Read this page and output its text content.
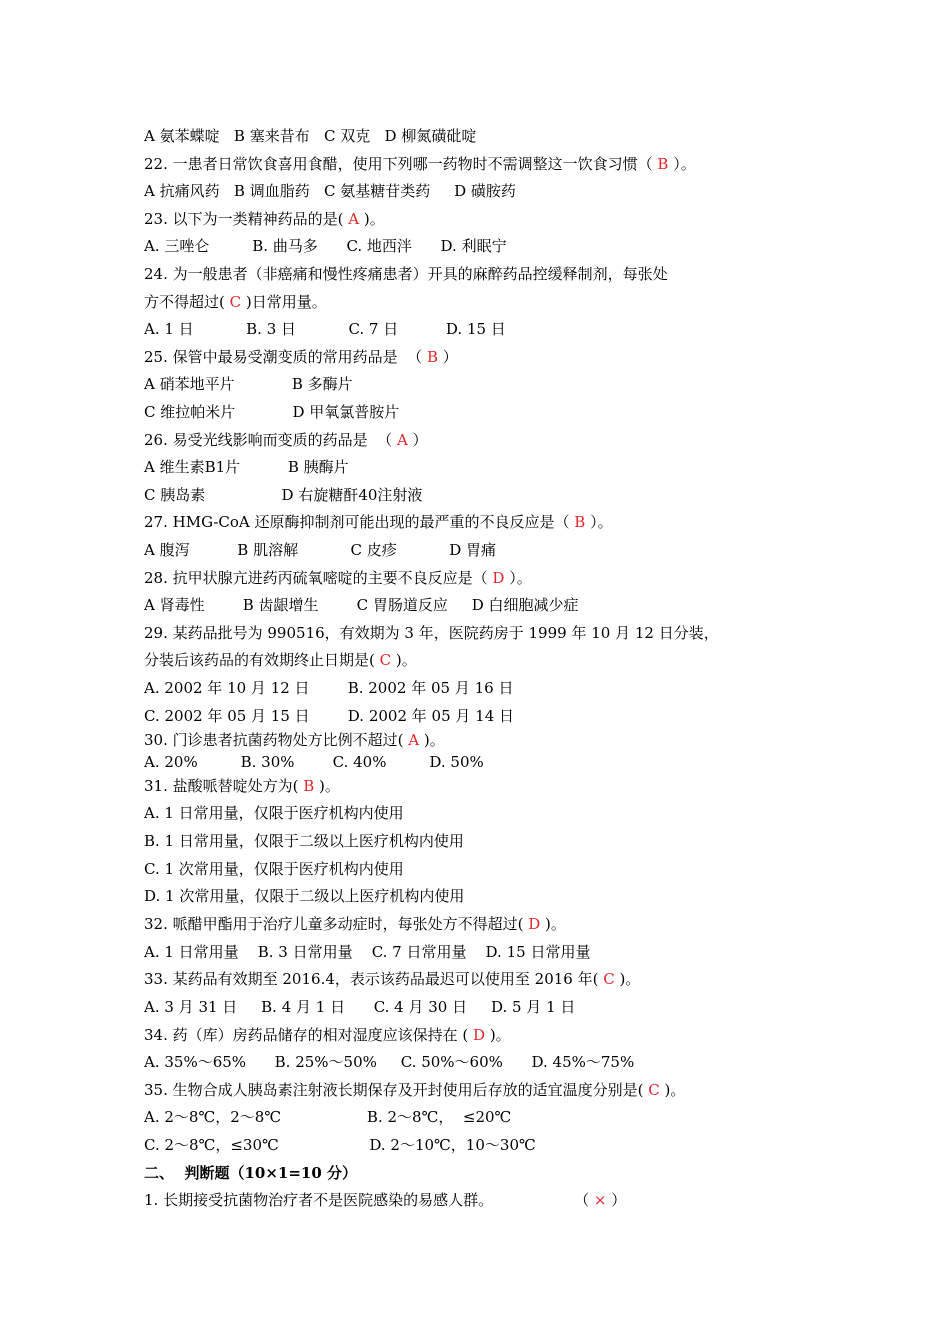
A 氨苯蝶啶   B 塞来昔布   C 双克   D 柳氮磺砒啶
22. 一患者日常饮食喜用食醋，使用下列哪一药物时不需调整这一饮食习惯（ B ）。
A 抗痛风药   B 调血脂药   C 氨基糖苷类药     D 磺胺药
23. 以下为一类精神药品的是( A )。
A. 三唑仑         B. 曲马多      C. 地西泮      D. 利眠宁
24. 为一般患者（非癌痛和慢性疼痛患者）开具的麻醉药品控缓释制剂，每张处
方不得超过( C )日常用量。
A. 1 日           B. 3 日           C. 7 日          D. 15 日
25. 保管中最易受潮变质的常用药品是  （ B ）
A 硝苯地平片            B 多酶片
C 维拉帕米片            D 甲氧氯普胺片
26. 易受光线影响而变质的药品是  （ A ）
A 维生素B1片          B 胰酶片
C 胰岛素                D 右旋糖酐40注射液
27. HMG-CoA 还原酶抑制剂可能出现的最严重的不良反应是（ B ）。
A 腹泻          B 肌溶解           C 皮疹           D 胃痛
28. 抗甲状腺亢进药丙硫氧嘧啶的主要不良反应是（ D ）。
A 肾毒性        B 齿龈增生        C 胃肠道反应     D 白细胞减少症
29. 某药品批号为 990516，有效期为 3 年，医院药房于 1999 年 10 月 12 日分装，
分装后该药品的有效期终止日期是( C )。
A. 2002 年 10 月 12 日        B. 2002 年 05 月 16 日
C. 2002 年 05 月 15 日        D. 2002 年 05 月 14 日
30. 门诊患者抗菌药物处方比例不超过( A )。
A. 20%         B. 30%        C. 40%         D. 50%
31. 盐酸哌替啶处方为( B )。
A. 1 日常用量，仅限于医疗机构内使用
B. 1 日常用量，仅限于二级以上医疗机构内使用
C. 1 次常用量，仅限于医疗机构内使用
D. 1 次常用量，仅限于二级以上医疗机构内使用
32. 哌醋甲酯用于治疗儿童多动症时，每张处方不得超过( D )。
A. 1 日常用量    B. 3 日常用量    C. 7 日常用量    D. 15 日常用量
33. 某药品有效期至 2016.4，表示该药品最迟可以使用至 2016 年( C )。
A. 3 月 31 日     B. 4 月 1 日      C. 4 月 30 日     D. 5 月 1 日
34. 药（库）房药品储存的相对湿度应该保持在 ( D )。
A. 35%～65%      B. 25%～50%     C. 50%～60%      D. 45%～75%
35. 生物合成人胰岛素注射液长期保存及开封使用后存放的适宜温度分别是( C )。
A. 2～8℃，2～8℃                  B. 2～8℃，  ≤20℃
C. 2～8℃，≤30℃                   D. 2～10℃，10～30℃
二、  判断题（10×1=10 分）
1. 长期接受抗菌物治疗者不是医院感染的易感人群。                 （ × ）
